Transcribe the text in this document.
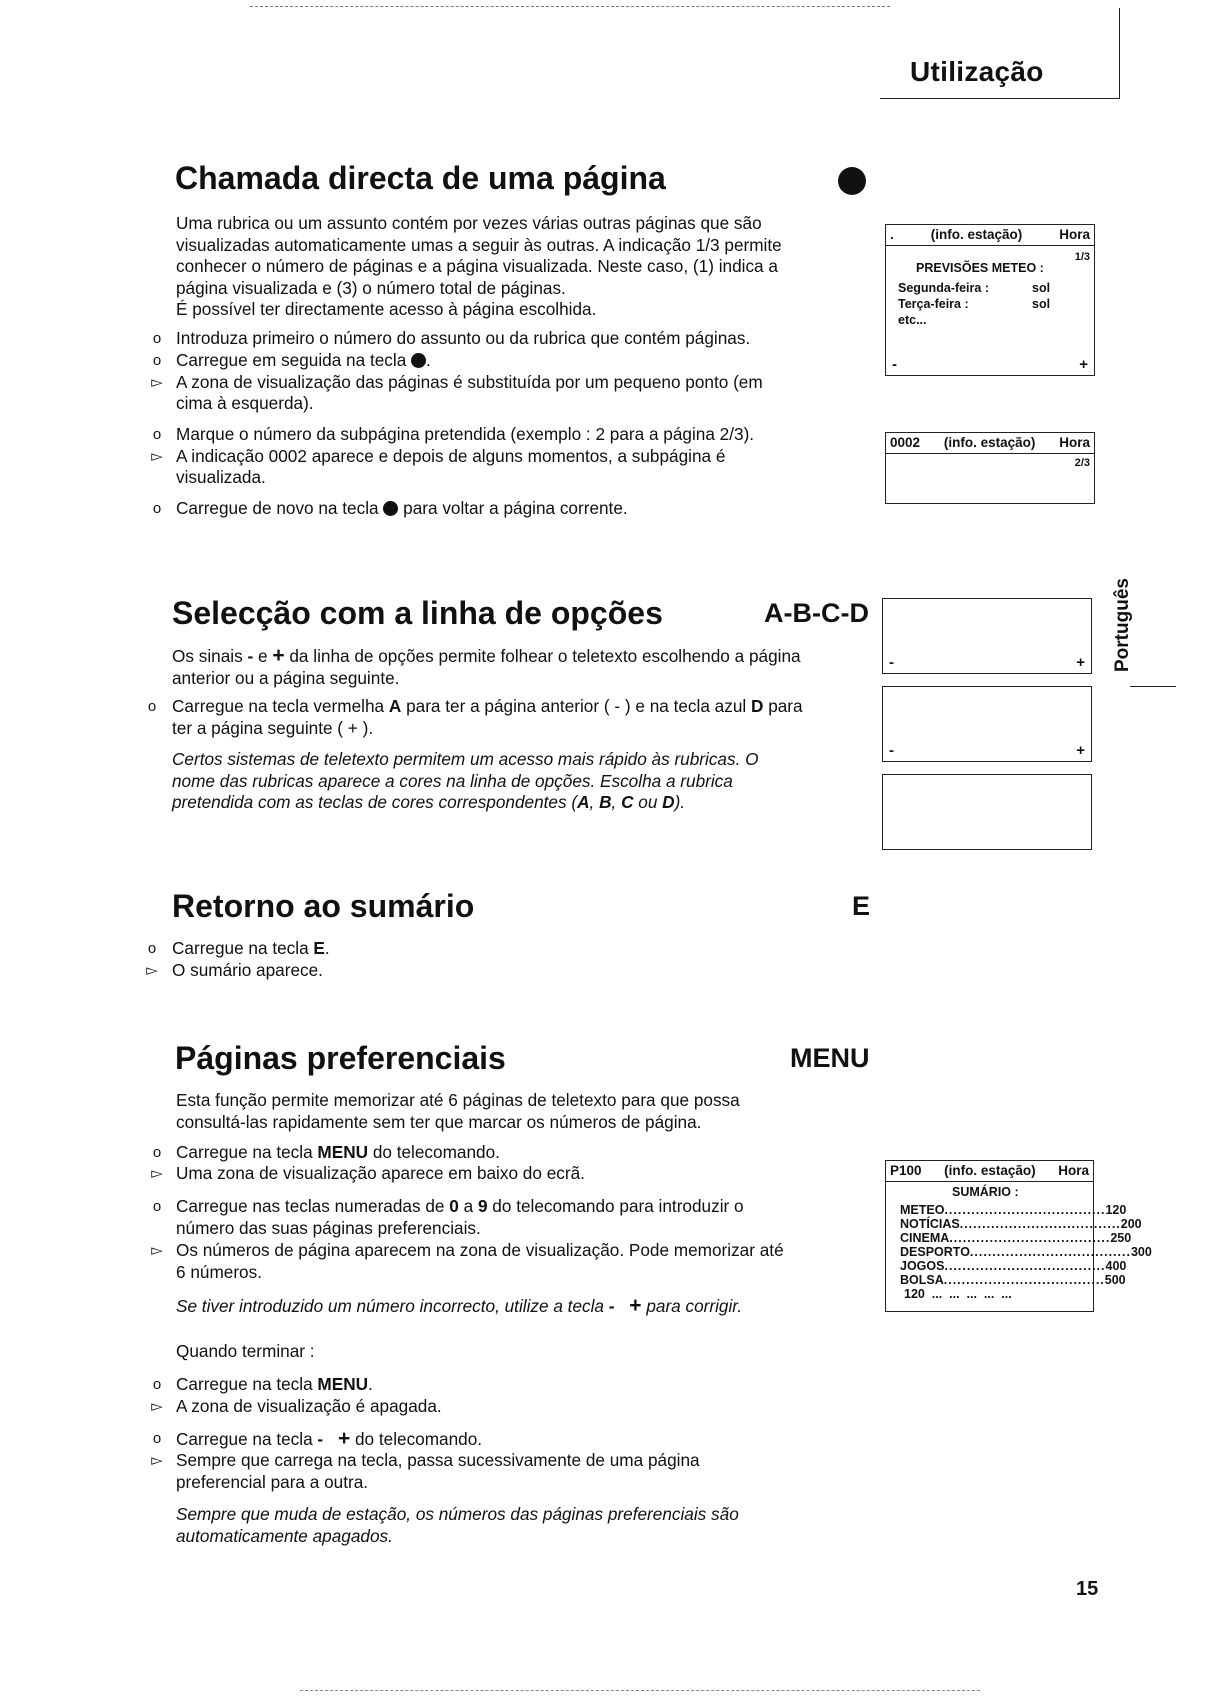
Utilização
Português
Chamada directa de uma página
Uma rubrica ou um assunto contém por vezes várias outras páginas que são
visualizadas automaticamente umas a seguir às outras. A indicação 1/3 permite
conhecer o número de páginas e a página visualizada. Neste caso, (1) indica a
página visualizada e (3) o número total de páginas.
É possível ter directamente acesso à página escolhida.
o Introduza primeiro o número do assunto ou da rubrica que contém páginas.
o Carregue em seguida na tecla .
▻ A zona de visualização das páginas é substituída por um pequeno ponto (em
cima à esquerda).
o Marque o número da subpágina pretendida (exemplo : 2 para a página 2/3).
▻ A indicação 0002 aparece e depois de alguns momentos, a subpágina é
visualizada.
o Carregue de novo na tecla para voltar a página corrente.
.	(info. estação)	Hora
1/3
PREVISÕES METEO :
Segunda-feira :	sol
Terça-feira :	sol
etc...
-	+
0002 (info. estação) Hora
2/3
Selecção com a linha de opções	A-B-C-D
Os sinais - e + da linha de opções permite folhear o teletexto escolhendo a página
anterior ou a página seguinte.
o Carregue na tecla vermelha A para ter a página anterior ( - ) e na tecla azul D para
ter a página seguinte ( + ).
Certos sistemas de teletexto permitem um acesso mais rápido às rubricas. O
nome das rubricas aparece a cores na linha de opções. Escolha a rubrica
pretendida com as teclas de cores correspondentes (A, B, C ou D).
-	+
-	+
Retorno ao sumário	E
o Carregue na tecla E.
▻ O sumário aparece.
Páginas preferenciais	MENU
Esta função permite memorizar até 6 páginas de teletexto para que possa
consultá-las rapidamente sem ter que marcar os números de página.
o Carregue na tecla MENU do telecomando.
▻ Uma zona de visualização aparece em baixo do ecrã.
o Carregue nas teclas numeradas de 0 a 9 do telecomando para introduzir o
número das suas páginas preferenciais.
▻ Os números de página aparecem na zona de visualização. Pode memorizar até
6 números.
Se tiver introduzido um número incorrecto, utilize a tecla - + para corrigir.
Quando terminar :
o Carregue na tecla MENU.
▻ A zona de visualização é apagada.
o Carregue na tecla - + do telecomando.
▻ Sempre que carrega na tecla, passa sucessivamente de uma página
preferencial para a outra.
Sempre que muda de estação, os números das páginas preferenciais são
automaticamente apagados.
P100 (info. estação) Hora
SUMÁRIO :
METEO .................................... 120
NOTÍCIAS .................................... 200
CINEMA .................................... 250
DESPORTO .................................... 300
JOGOS .................................... 400
BOLSA .................................... 500
120  ...  ...  ...  ...  ...
15
